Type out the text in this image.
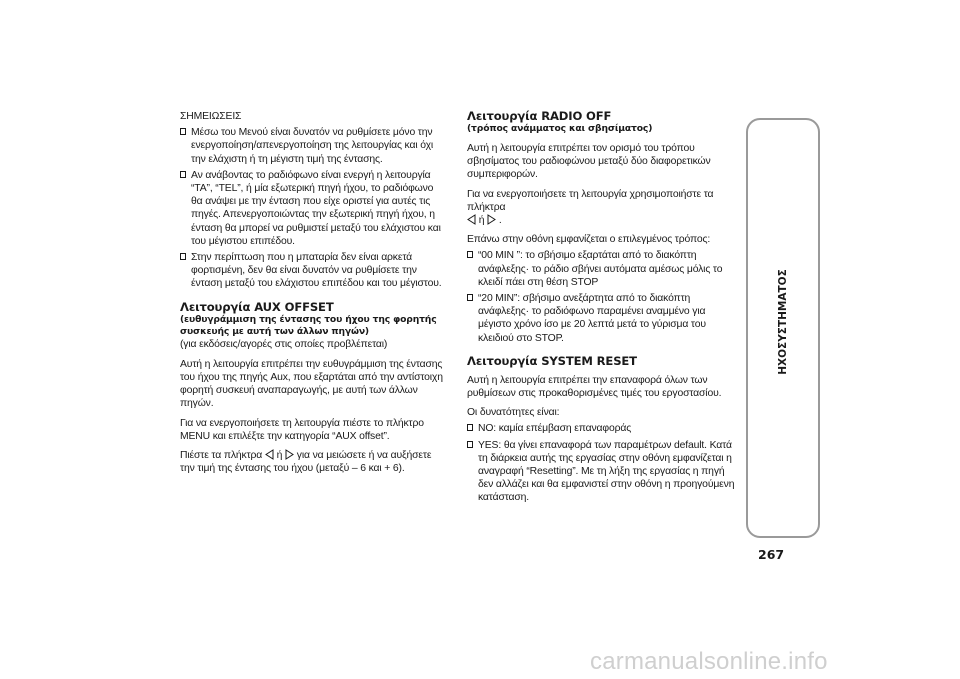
ΣΗΜΕΙΩΣΕΙΣ

Μέσω του Μενού είναι δυνατόν να ρυθμίσετε μόνο την ενεργοποίηση/απενεργοποίηση της λειτουργίας και όχι την ελάχιστη ή τη μέγιστη τιμή της έντασης.
Αν ανάβοντας το ραδιόφωνο είναι ενεργή η λειτουργία “TA”, “TEL”, ή μία εξωτερική πηγή ήχου, το ραδιόφωνο θα ανάψει με την ένταση που είχε οριστεί για αυτές τις πηγές. Απενεργοποιώντας την εξωτερική πηγή ήχου, η ένταση θα μπορεί να ρυθμιστεί μεταξύ του ελάχιστου και του μέγιστου επιπέδου.
Στην περίπτωση που η μπαταρία δεν είναι αρκετά φορτισμένη, δεν θα είναι δυνατόν να ρυθμίσετε την ένταση μεταξύ του ελάχιστου επιπέδου και του μέγιστου.
Λειτουργία AUX OFFSET
(ευθυγράμμιση της έντασης του ήχου της φορητής συσκευής με αυτή των άλλων πηγών)

(για εκδόσεις/αγορές στις οποίες προβλέπεται)

Αυτή η λειτουργία επιτρέπει την ευθυγράμμιση της έντασης του ήχου της πηγής Aux, που εξαρτάται από την αντίστοιχη φορητή συσκευή αναπαραγωγής, με αυτή των άλλων πηγών.

Για να ενεργοποιήσετε τη λειτουργία πιέστε το πλήκτρο MENU και επιλέξτε την κατηγορία “AUX offset”.

Πιέστε τα πλήκτρα ή για να μειώσετε ή να αυξήσετε την τιμή της έντασης του ήχου (μεταξύ – 6 και + 6).

Λειτουργία RADIO OFF
(τρόπος ανάμματος και σβησίματος)

Αυτή η λειτουργία επιτρέπει τον ορισμό του τρόπου σβησίματος του ραδιοφώνου μεταξύ δύο διαφορετικών συμπεριφορών.

Για να ενεργοποιήσετε τη λειτουργία χρησιμοποιήστε τα πλήκτρα
ή .

Επάνω στην οθόνη εμφανίζεται ο επιλεγμένος τρόπος:

“00 MIN ”: το σβήσιμο εξαρτάται από το διακόπτη ανάφλεξης· το ράδιο σβήνει αυτόματα αμέσως μόλις το κλειδί πάει στη θέση STOP
“20 MIN”: σβήσιμο ανεξάρτητα από το διακόπτη ανάφλεξης· το ραδιόφωνο παραμένει αναμμένο για μέγιστο χρόνο ίσο με 20 λεπτά μετά το γύρισμα του κλειδιού στο STOP.
Λειτουργία SYSTEM RESET

Αυτή η λειτουργία επιτρέπει την επαναφορά όλων των ρυθμίσεων στις προκαθορισμένες τιμές του εργοστασίου.

Οι δυνατότητες είναι:

NO: καμία επέμβαση επαναφοράς
YES: θα γίνει επαναφορά των παραμέτρων default. Κατά τη διάρκεια αυτής της εργασίας στην οθόνη εμφανίζεται η αναγραφή “Resetting”. Με τη λήξη της εργασίας η πηγή δεν αλλάζει και θα εμφανιστεί στην οθόνη η προηγούμενη κατάσταση.
ΗΧΟΣΥΣΤΗΜΑΤΟΣ
267
carmanualsonline.info
